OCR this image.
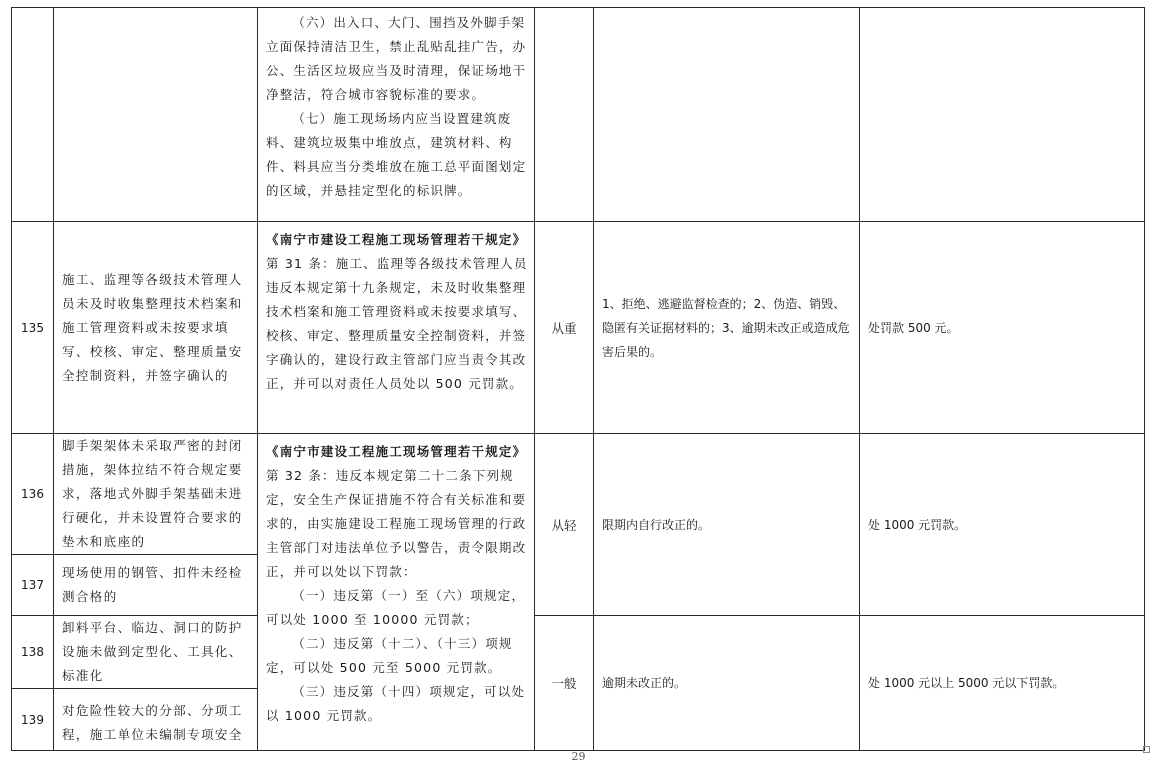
		（六）出入口、大门、围挡及外脚手架立面保持清洁卫生，禁止乱贴乱挂广告，办公、生活区垃圾应当及时清理，保证场地干净整洁，符合城市容貌标准的要求。

（七）施工现场场内应当设置建筑废料、建筑垃圾集中堆放点，建筑材料、构件、料具应当分类堆放在施工总平面图划定的区域，并悬挂定型化的标识牌。			

135	施工、监理等各级技术管理人员未及时收集整理技术档案和施工管理资料或未按要求填写、校核、审定、整理质量安全控制资料，并签字确认的	《南宁市建设工程施工现场管理若干规定》第 31 条：施工、监理等各级技术管理人员违反本规定第十九条规定，未及时收集整理技术档案和施工管理资料或未按要求填写、校核、审定、整理质量安全控制资料，并签字确认的，建设行政主管部门应当责令其改正，并可以对责任人员处以 500 元罚款。	从重	1、拒绝、逃避监督检查的；2、伪造、销毁、隐匿有关证据材料的；3、逾期未改正或造成危害后果的。	处罚款 500 元。
136	脚手架架体未采取严密的封闭措施，架体拉结不符合规定要求，落地式外脚手架基础未进行硬化，并未设置符合要求的垫木和底座的	《南宁市建设工程施工现场管理若干规定》第 32 条：违反本规定第二十二条下列规定，安全生产保证措施不符合有关标准和要求的，由实施建设工程施工现场管理的行政主管部门对违法单位予以警告，责令限期改正，并可以处以下罚款：

（一）违反第（一）至（六）项规定，可以处 1000 至 10000 元罚款；

（二）违反第（十二）、（十三）项规定，可以处 500 元至 5000 元罚款。

（三）违反第（十四）项规定，可以处以 1000 元罚款。	从轻	限期内自行改正的。	处 1000 元罚款。
137	现场使用的钢管、扣件未经检测合格的				
138	卸料平台、临边、洞口的防护设施未做到定型化、工具化、标准化		一般	逾期未改正的。	处 1000 元以上 5000 元以下罚款。
139	对危险性较大的分部、分项工程，施工单位未编制专项安全				
29
